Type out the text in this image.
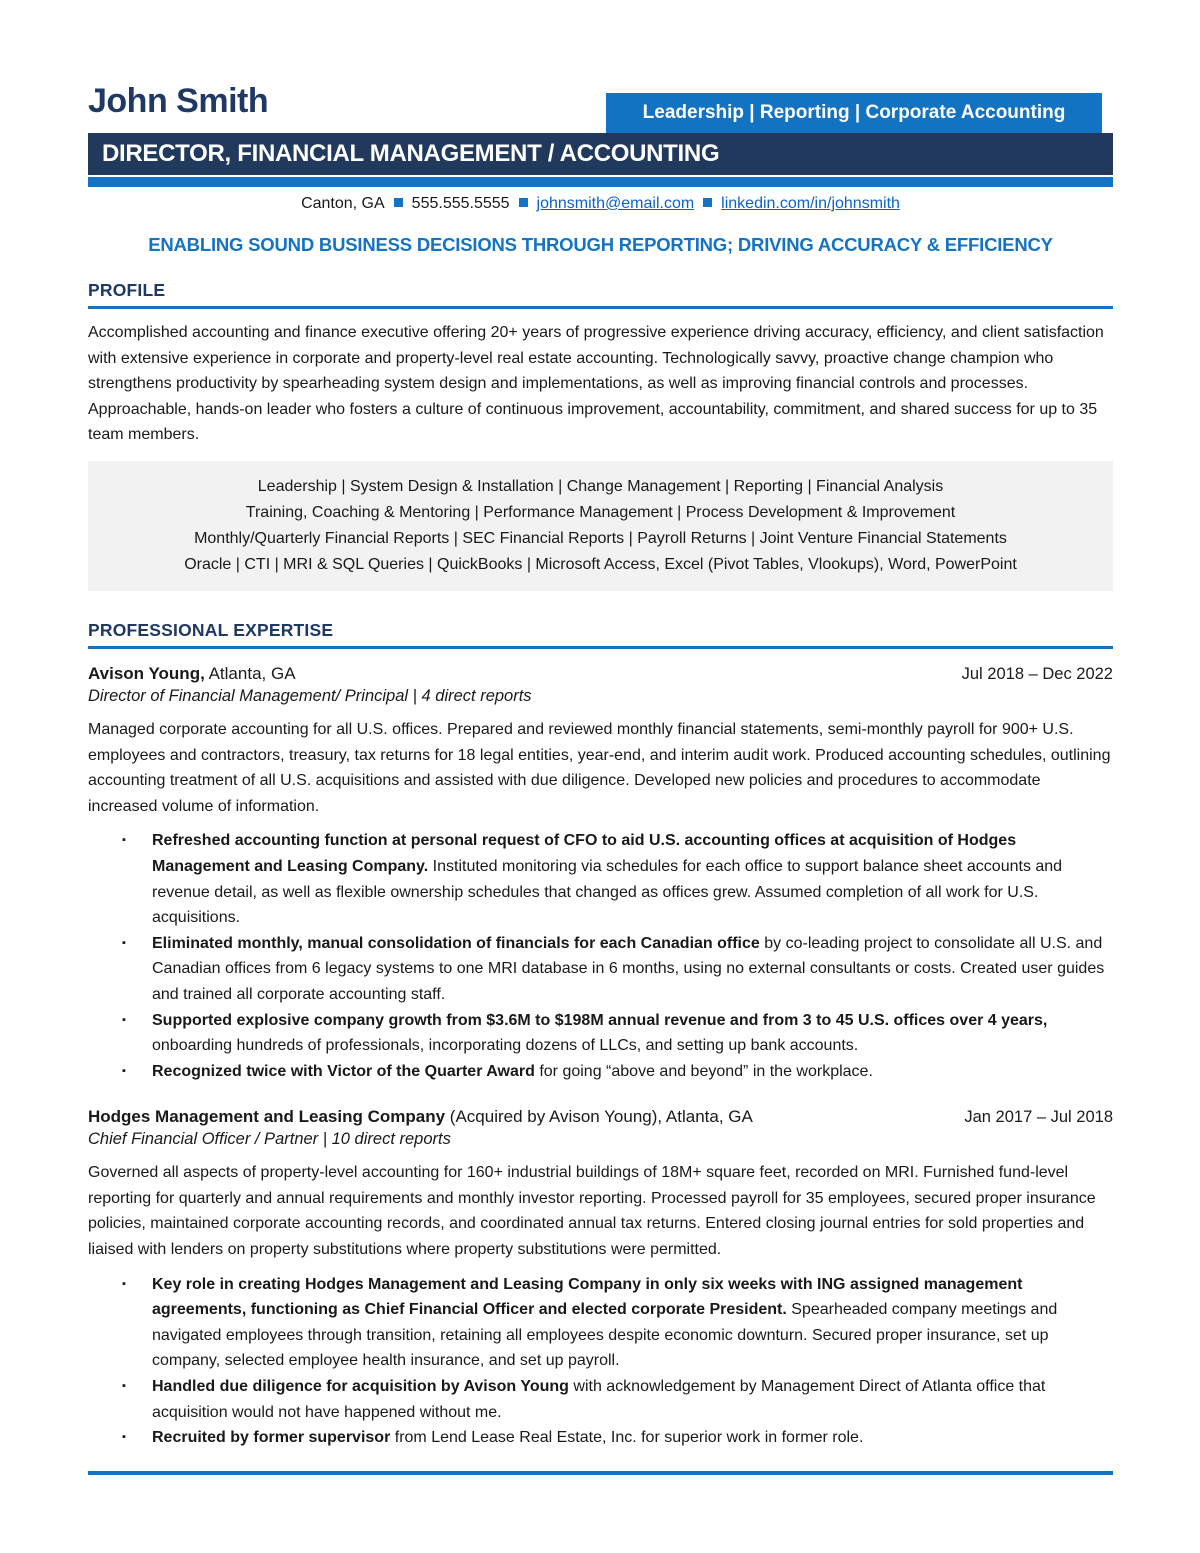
John Smith	Leadership | Reporting | Corporate Accounting
DIRECTOR, FINANCIAL MANAGEMENT / ACCOUNTING
Canton, GA 555.555.5555 johnsmith@email.com linkedin.com/in/johnsmith
ENABLING SOUND BUSINESS DECISIONS THROUGH REPORTING; DRIVING ACCURACY & EFFICIENCY
PROFILE
Accomplished accounting and finance executive offering 20+ years of progressive experience driving accuracy, efficiency, and client satisfaction with extensive experience in corporate and property-level real estate accounting. Technologically savvy, proactive change champion who strengthens productivity by spearheading system design and implementations, as well as improving financial controls and processes. Approachable, hands-on leader who fosters a culture of continuous improvement, accountability, commitment, and shared success for up to 35 team members.
Leadership | System Design & Installation | Change Management | Reporting | Financial Analysis
Training, Coaching & Mentoring | Performance Management | Process Development & Improvement
Monthly/Quarterly Financial Reports | SEC Financial Reports | Payroll Returns | Joint Venture Financial Statements
Oracle | CTI | MRI & SQL Queries | QuickBooks | Microsoft Access, Excel (Pivot Tables, Vlookups), Word, PowerPoint
PROFESSIONAL EXPERTISE
Avison Young, Atlanta, GA	Jul 2018 – Dec 2022
Director of Financial Management/ Principal | 4 direct reports
Managed corporate accounting for all U.S. offices. Prepared and reviewed monthly financial statements, semi-monthly payroll for 900+ U.S. employees and contractors, treasury, tax returns for 18 legal entities, year-end, and interim audit work. Produced accounting schedules, outlining accounting treatment of all U.S. acquisitions and assisted with due diligence. Developed new policies and procedures to accommodate increased volume of information.
▪ Refreshed accounting function at personal request of CFO to aid U.S. accounting offices at acquisition of Hodges Management and Leasing Company. Instituted monitoring via schedules for each office to support balance sheet accounts and revenue detail, as well as flexible ownership schedules that changed as offices grew. Assumed completion of all work for U.S. acquisitions.
▪ Eliminated monthly, manual consolidation of financials for each Canadian office by co-leading project to consolidate all U.S. and Canadian offices from 6 legacy systems to one MRI database in 6 months, using no external consultants or costs. Created user guides and trained all corporate accounting staff.
▪ Supported explosive company growth from $3.6M to $198M annual revenue and from 3 to 45 U.S. offices over 4 years, onboarding hundreds of professionals, incorporating dozens of LLCs, and setting up bank accounts.
▪ Recognized twice with Victor of the Quarter Award for going “above and beyond” in the workplace.
Hodges Management and Leasing Company (Acquired by Avison Young), Atlanta, GA	Jan 2017 – Jul 2018
Chief Financial Officer / Partner | 10 direct reports
Governed all aspects of property-level accounting for 160+ industrial buildings of 18M+ square feet, recorded on MRI. Furnished fund-level reporting for quarterly and annual requirements and monthly investor reporting. Processed payroll for 35 employees, secured proper insurance policies, maintained corporate accounting records, and coordinated annual tax returns. Entered closing journal entries for sold properties and liaised with lenders on property substitutions where property substitutions were permitted.
▪ Key role in creating Hodges Management and Leasing Company in only six weeks with ING assigned management agreements, functioning as Chief Financial Officer and elected corporate President. Spearheaded company meetings and navigated employees through transition, retaining all employees despite economic downturn. Secured proper insurance, set up company, selected employee health insurance, and set up payroll.
▪ Handled due diligence for acquisition by Avison Young with acknowledgement by Management Direct of Atlanta office that acquisition would not have happened without me.
▪ Recruited by former supervisor from Lend Lease Real Estate, Inc. for superior work in former role.
